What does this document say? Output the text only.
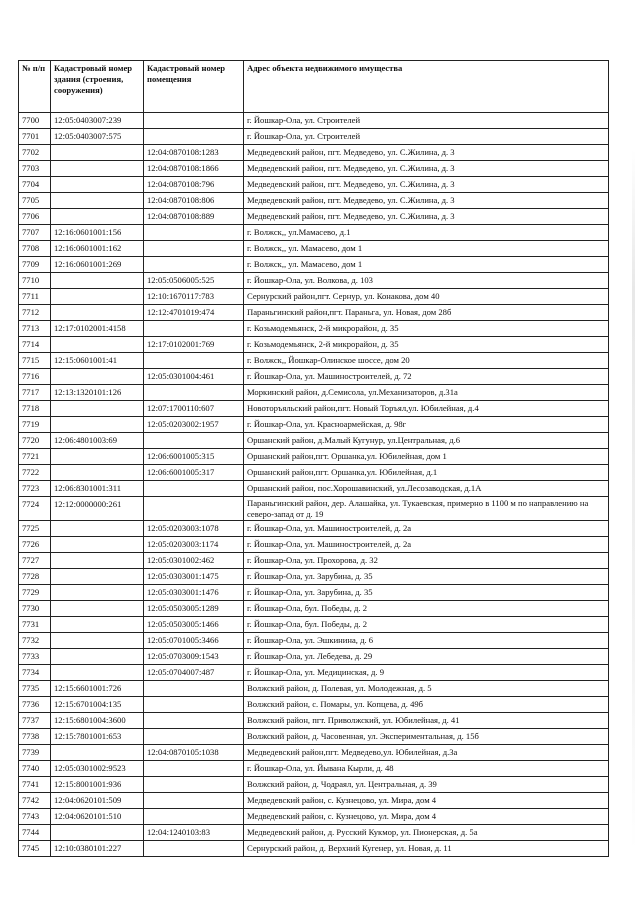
№ п/п	Кадастровый номер здания (строения, сооружения)	Кадастровый номер помещения	Адрес объекта недвижимого имущества
7700	12:05:0403007:239		г. Йошкар-Ола, ул. Строителей
7701	12:05:0403007:575		г. Йошкар-Ола, ул. Строителей
7702		12:04:0870108:1283	Медведевский район, пгт. Медведево, ул. С.Жилина, д. 3
7703		12:04:0870108:1866	Медведевский район, пгт. Медведево, ул. С.Жилина, д. 3
7704		12:04:0870108:796	Медведевский район, пгт. Медведево, ул. С.Жилина, д. 3
7705		12:04:0870108:806	Медведевский район, пгт. Медведево, ул. С.Жилина, д. 3
7706		12:04:0870108:889	Медведевский район, пгт. Медведево, ул. С.Жилина, д. 3
7707	12:16:0601001:156		г. Волжск,, ул.Мамасево, д.1
7708	12:16:0601001:162		г. Волжск,, ул. Мамасево, дом 1
7709	12:16:0601001:269		г. Волжск,, ул. Мамасево, дом 1
7710		12:05:0506005:525	г. Йошкар-Ола, ул. Волкова, д. 103
7711		12:10:1670117:783	Сернурский район,пгт. Сернур, ул. Конакова, дом 40
7712		12:12:4701019:474	Параньгинский район,пгт. Параньга, ул. Новая, дом 28б
7713	12:17:0102001:4158		г. Козьмодемьянск, 2-й микрорайон, д. 35
7714		12:17:0102001:769	г. Козьмодемьянск, 2-й микрорайон, д. 35
7715	12:15:0601001:41		г. Волжск,, Йошкар-Олинское шоссе, дом 20
7716		12:05:0301004:461	г. Йошкар-Ола, ул. Машиностроителей, д. 72
7717	12:13:1320101:126		Моркинский район, д.Семисола, ул.Механизаторов, д.31а
7718		12:07:1700110:607	Новоторъяльский район,пгт. Новый Торъял,ул. Юбилейная, д.4
7719		12:05:0203002:1957	г. Йошкар-Ола, ул. Красноармейская, д. 98г
7720	12:06:4801003:69		Оршанский район, д.Малый Кугунур, ул.Центральная, д.6
7721		12:06:6001005:315	Оршанский район,пгт. Оршанка,ул. Юбилейная, дом 1
7722		12:06:6001005:317	Оршанский район,пгт. Оршанка,ул. Юбилейная, д.1
7723	12:06:8301001:311		Оршанский район, пос.Хорошавинский, ул.Лесозаводская, д.1А
7724	12:12:0000000:261		Параньгинский район, дер. Алашайка, ул. Тукаевская, примерно в 1100 м по направлению на северо-запад от д. 19
7725		12:05:0203003:1078	г. Йошкар-Ола, ул. Машиностроителей, д. 2а
7726		12:05:0203003:1174	г. Йошкар-Ола, ул. Машиностроителей, д. 2а
7727		12:05:0301002:462	г. Йошкар-Ола, ул. Прохорова, д. 32
7728		12:05:0303001:1475	г. Йошкар-Ола, ул. Зарубина, д. 35
7729		12:05:0303001:1476	г. Йошкар-Ола, ул. Зарубина, д. 35
7730		12:05:0503005:1289	г. Йошкар-Ола, бул. Победы, д. 2
7731		12:05:0503005:1466	г. Йошкар-Ола, бул. Победы, д. 2
7732		12:05:0701005:3466	г. Йошкар-Ола, ул. Эшкинина, д. 6
7733		12:05:0703009:1543	г. Йошкар-Ола, ул. Лебедева, д. 29
7734		12:05:0704007:487	г. Йошкар-Ола, ул. Медицинская, д. 9
7735	12:15:6601001:726		Волжский район, д. Полевая, ул. Молодежная, д. 5
7736	12:15:6701004:135		Волжский район, с. Помары, ул. Копцева, д. 49б
7737	12:15:6801004:3600		Волжский район, пгт. Приволжский, ул. Юбилейная, д. 41
7738	12:15:7801001:653		Волжский район, д. Часовенная, ул. Экспериментальная, д. 15б
7739		12:04:0870105:1038	Медведевский район,пгт. Медведево,ул. Юбилейная, д.3а
7740	12:05:0301002:9523		г. Йошкар-Ола, ул. Йывана Кырли, д. 48
7741	12:15:8001001:936		Волжский район, д. Чодраял, ул. Центральная, д. 39
7742	12:04:0620101:509		Медведевский район, с. Кузнецово, ул. Мира, дом 4
7743	12:04:0620101:510		Медведевский район, с. Кузнецово, ул. Мира, дом 4
7744		12:04:1240103:83	Медведевский район, д. Русский Кукмор, ул. Пионерская, д. 5а
7745	12:10:0380101:227		Сернурский район, д. Верхний Кугенер, ул. Новая, д. 11
